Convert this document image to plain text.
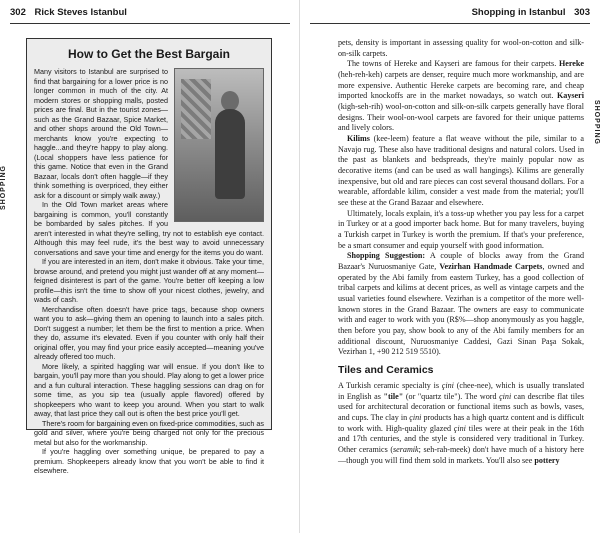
302 Rick Steves Istanbul
SHOPPING
How to Get the Best Bargain

Many visitors to Istanbul are surprised to find that bargaining for a lower price is no longer common in much of the city. At modern stores or shopping malls, posted prices are final. But in the tourist zones—such as the Grand Bazaar, Spice Market, and other shops around the Old Town—merchants know you're expecting to haggle...and they're happy to play along. (Local shoppers have less patience for this game. Notice that even in the Grand Bazaar, locals don't often haggle—if they think something is overpriced, they either ask for a discount or simply walk away.)

In the Old Town market areas where bargaining is common, you'll constantly be bombarded by sales pitches. If you aren't interested in what they're selling, try not to establish eye contact. Although this may feel rude, it's the best way to avoid unnecessary conversations and save your time and energy for the items you do want.

If you are interested in an item, don't make it obvious. Take your time, browse around, and pretend you might just wander off at any moment—feigned disinterest is part of the game. You're better off keeping a low profile—this isn't the time to show off your nicest clothes, jewelry, and wads of cash.

Merchandise often doesn't have price tags, because shop owners want you to ask—giving them an opening to launch into a sales pitch. Don't suggest a number; let them be the first to mention a price. When they do, assume it's elevated. Even if you counter with only half their original offer, you may find your price easily accepted—meaning you've already offered too much.

More likely, a spirited haggling war will ensue. If you don't like to bargain, you'll pay more than you should. Play along to get a lower price and a fun cultural interaction. These haggling sessions can drag on for some time, as you sip tea (usually apple flavored) offered by shopkeepers who want to keep you around. When you start to walk away, that last price they call out is often the best price you'll get.

There's room for bargaining even on fixed-price commodities, such as gold and silver, where you're being charged not only for the precious metal but also for the workmanship.

If you're haggling over something unique, be prepared to pay a premium. Shopkeepers already know that you won't be able to find it elsewhere.

Shopping in Istanbul 303
SHOPPING

pets, density is important in assessing quality for wool-on-cotton and silk-on-silk carpets.

The towns of Hereke and Kayseri are famous for their carpets. Hereke (heh-reh-keh) carpets are denser, require much more workmanship, and are more expensive. Authentic Hereke carpets are becoming rare, and cheap imported knockoffs are in the market nowadays, so watch out. Kayseri (kigh-seh-rih) wool-on-cotton and silk-on-silk carpets generally have floral designs. Their wool-on-wool carpets are favored for their unique patterns and lively colors.

Kilims (kee-leem) feature a flat weave without the pile, similar to a Navajo rug. These also have traditional designs and natural colors. Used in the past as blankets and bedspreads, they're mainly popular now as decorative items (and can be used as wall hangings). Kilims are generally inexpensive, but old and rare pieces can cost several thousand dollars. For a wearable, affordable kilim, consider a vest made from the material; you'll see these at the Grand Bazaar and elsewhere.

Ultimately, locals explain, it's a toss-up whether you pay less for a carpet in Turkey or at a good importer back home. But for many travelers, buying a Turkish carpet in Turkey is worth the premium. If that's your preference, be a smart consumer and equip yourself with good information.

Shopping Suggestion: A couple of blocks away from the Grand Bazaar's Nuruosmaniye Gate, Vezirhan Handmade Carpets, owned and operated by the Abi family from eastern Turkey, has a good collection of tribal carpets and kilims at decent prices, as well as vintage carpets and the usual varieties found elsewhere. Vezirhan is a competitor of the more well-known stores in the Grand Bazaar. The owners are easy to communicate with and eager to work with you (R$%—shop anonymously as you haggle, then before you pay, show book to any of the Abi family members for an additional discount, Nuruosmaniye Caddesi, Gazi Sinan Paşa Sokak, Vezirhan 1, +90 212 519 5510).

Tiles and Ceramics

A Turkish ceramic specialty is çini (chee-nee), which is usually translated in English as "tile" (or "quartz tile"). The word çini can describe flat tiles used for architectural decoration or functional items such as bowls, vases, and cups. The clay in çini products has a high quartz content and is difficult to work with. High-quality glazed çini tiles were at their peak in the 16th and 17th centuries, and the style is considered very traditional in Turkey. Other ceramics (seramik; seh-rah-meek) don't have much of a history here—though you will find them sold in markets. You'll also see pottery
